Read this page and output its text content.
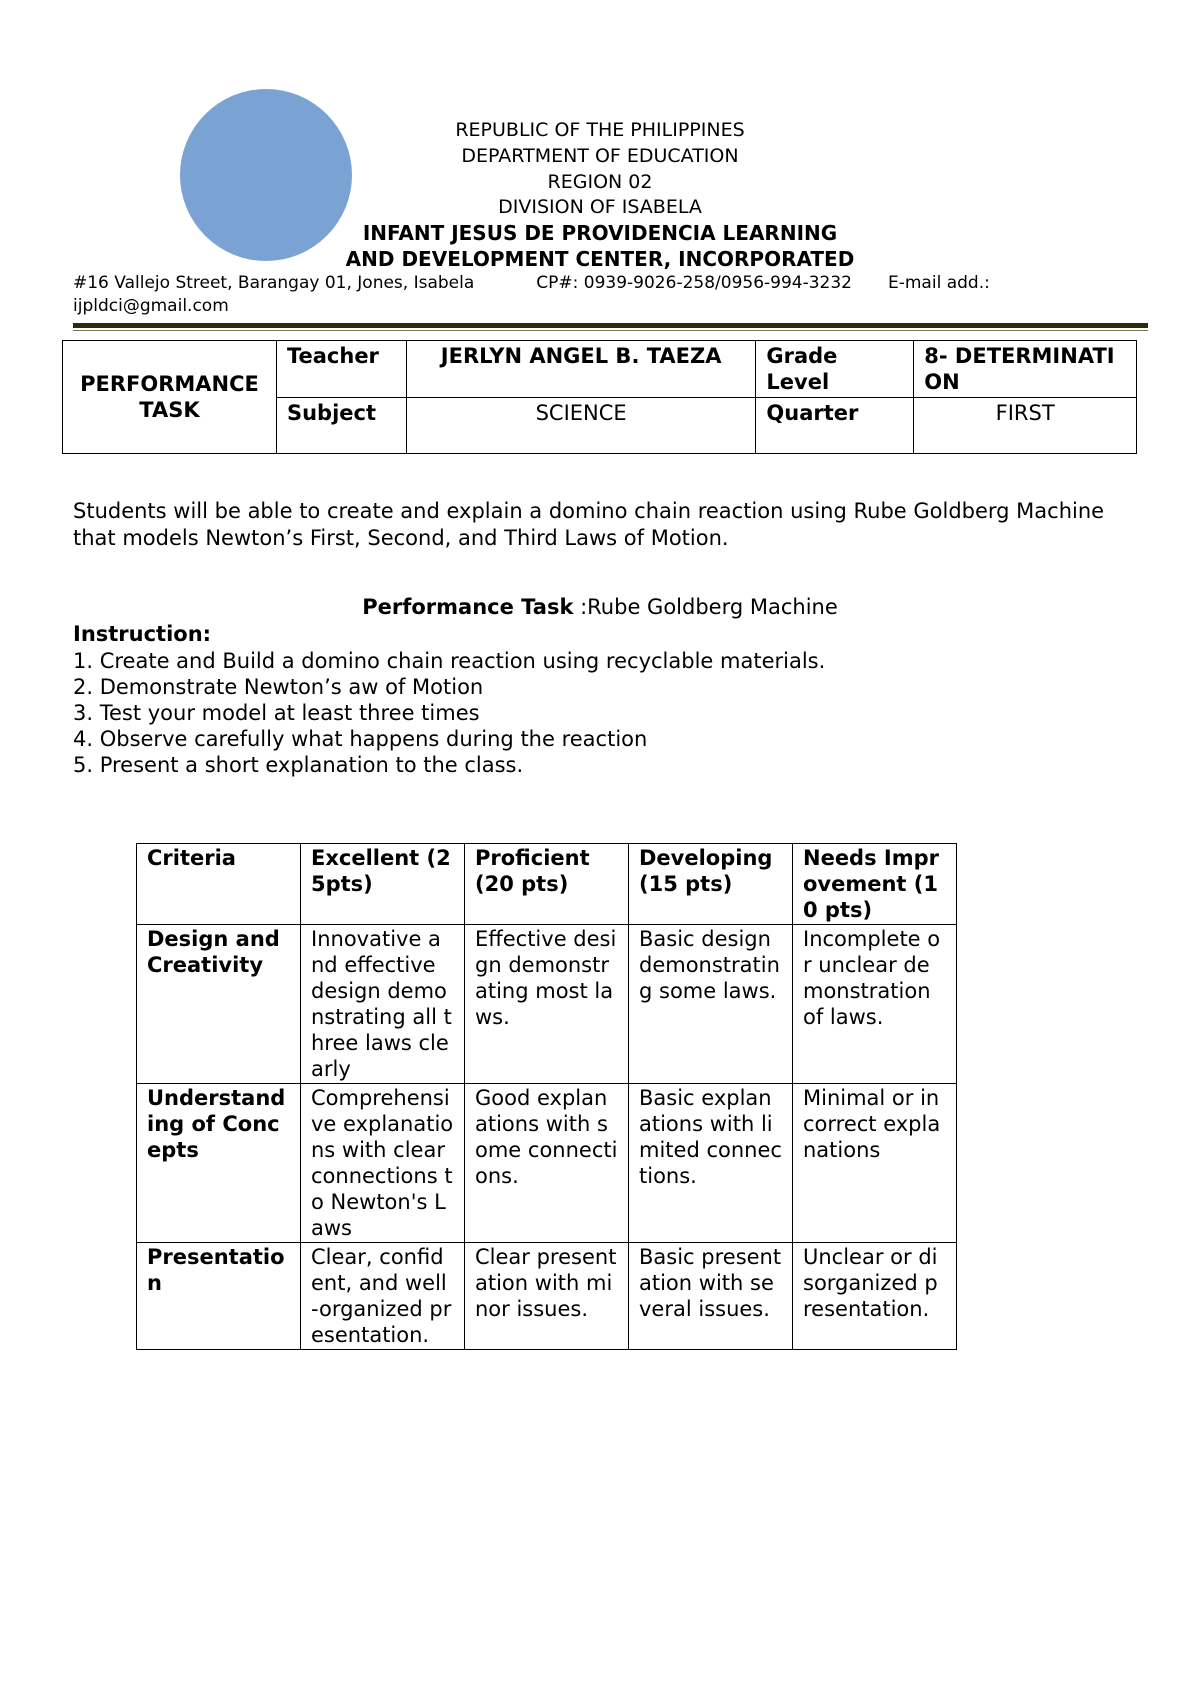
REPUBLIC OF THE PHILIPPINES
DEPARTMENT OF EDUCATION
REGION 02
DIVISION OF ISABELA
INFANT JESUS DE PROVIDENCIA LEARNING
AND DEVELOPMENT CENTER, INCORPORATED
#16 Vallejo Street, Barangay 01, Jones, Isabela	CP#: 0939-9026-258/0956-994-3232 E-mail add.:
ijpldci@gmail.com
PERFORMANCE TASK	Teacher	JERLYN ANGEL B. TAEZA	Grade Level	8- DETERMINATION
	Subject	SCIENCE	Quarter	FIRST
Students will be able to create and explain a domino chain reaction using Rube Goldberg Machine that models Newton’s First, Second, and Third Laws of Motion.
Performance Task :Rube Goldberg Machine
Instruction:
1. Create and Build a domino chain reaction using recyclable materials.
2. Demonstrate Newton’s aw of Motion
3. Test your model at least three times
4. Observe carefully what happens during the reaction
5. Present a short explanation to the class.
Criteria	Excellent (25pts)	Proficient (20 pts)	Developing (15 pts)	Needs Improvement (10 pts)
Design and Creativity	Innovative and effective design demonstrating all three laws clearly	Effective design demonstrating most laws.	Basic design demonstrating some laws.	Incomplete or unclear demonstration of laws.
Understanding of Concepts	Comprehensive explanations with clear connections to Newton's Laws	Good explanations with some connections.	Basic explanations with limited connections.	Minimal or incorrect explanations
Presentation	Clear, confident, and well-organized presentation.	Clear presentation with minor issues.	Basic presentation with several issues.	Unclear or disorganized presentation.
